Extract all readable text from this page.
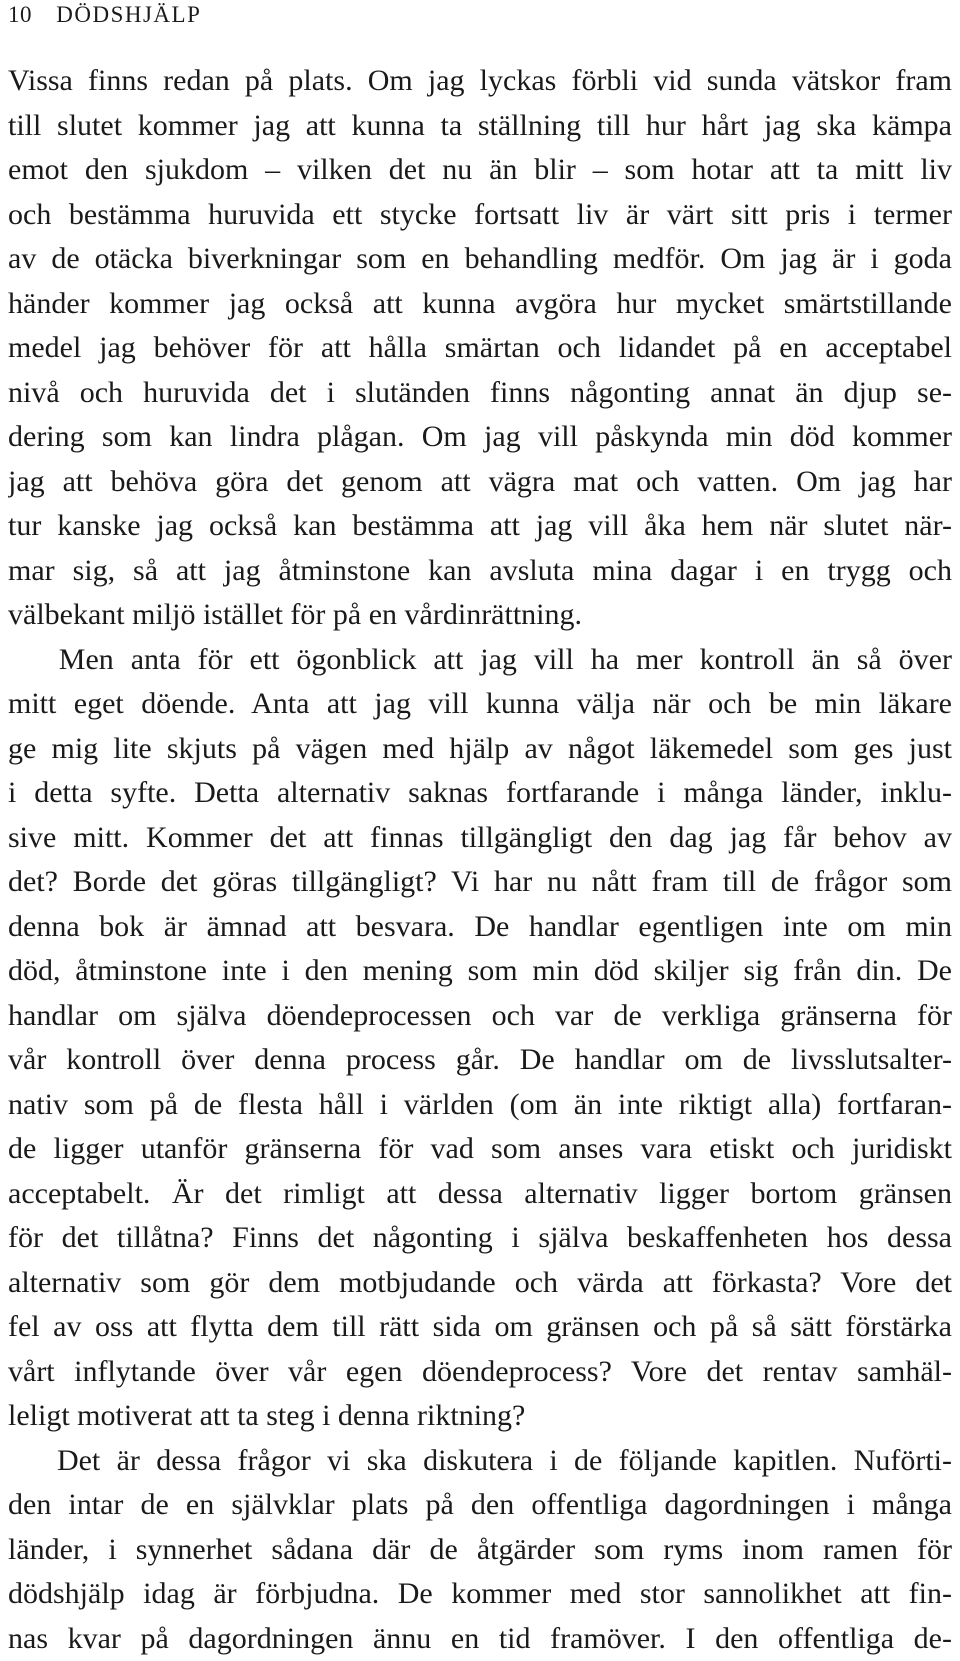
10 DÖDSHJÄLP
Vissa finns redan på plats. Om jag lyckas förbli vid sunda vätskor fram
till slutet kommer jag att kunna ta ställning till hur hårt jag ska kämpa
emot den sjukdom – vilken det nu än blir – som hotar att ta mitt liv
och bestämma huruvida ett stycke fortsatt liv är värt sitt pris i termer
av de otäcka biverkningar som en behandling medför. Om jag är i goda
händer kommer jag också att kunna avgöra hur mycket smärtstillande
medel jag behöver för att hålla smärtan och lidandet på en acceptabel
nivå och huruvida det i slutänden finns någonting annat än djup se-
dering som kan lindra plågan. Om jag vill påskynda min död kommer
jag att behöva göra det genom att vägra mat och vatten. Om jag har
tur kanske jag också kan bestämma att jag vill åka hem när slutet när-
mar sig, så att jag åtminstone kan avsluta mina dagar i en trygg och
välbekant miljö istället för på en vårdinrättning.
Men anta för ett ögonblick att jag vill ha mer kontroll än så över
mitt eget döende. Anta att jag vill kunna välja när och be min läkare
ge mig lite skjuts på vägen med hjälp av något läkemedel som ges just
i detta syfte. Detta alternativ saknas fortfarande i många länder, inklu-
sive mitt. Kommer det att finnas tillgängligt den dag jag får behov av
det? Borde det göras tillgängligt? Vi har nu nått fram till de frågor som
denna bok är ämnad att besvara. De handlar egentligen inte om min
död, åtminstone inte i den mening som min död skiljer sig från din. De
handlar om själva döendeprocessen och var de verkliga gränserna för
vår kontroll över denna process går. De handlar om de livsslutsalter-
nativ som på de flesta håll i världen (om än inte riktigt alla) fortfaran-
de ligger utanför gränserna för vad som anses vara etiskt och juridiskt
acceptabelt. Är det rimligt att dessa alternativ ligger bortom gränsen
för det tillåtna? Finns det någonting i själva beskaffenheten hos dessa
alternativ som gör dem motbjudande och värda att förkasta? Vore det
fel av oss att flytta dem till rätt sida om gränsen och på så sätt förstärka
vårt inflytande över vår egen döendeprocess? Vore det rentav samhäl-
leligt motiverat att ta steg i denna riktning?
Det är dessa frågor vi ska diskutera i de följande kapitlen. Nuförti-
den intar de en självklar plats på den offentliga dagordningen i många
länder, i synnerhet sådana där de åtgärder som ryms inom ramen för
dödshjälp idag är förbjudna. De kommer med stor sannolikhet att fin-
nas kvar på dagordningen ännu en tid framöver. I den offentliga de-
